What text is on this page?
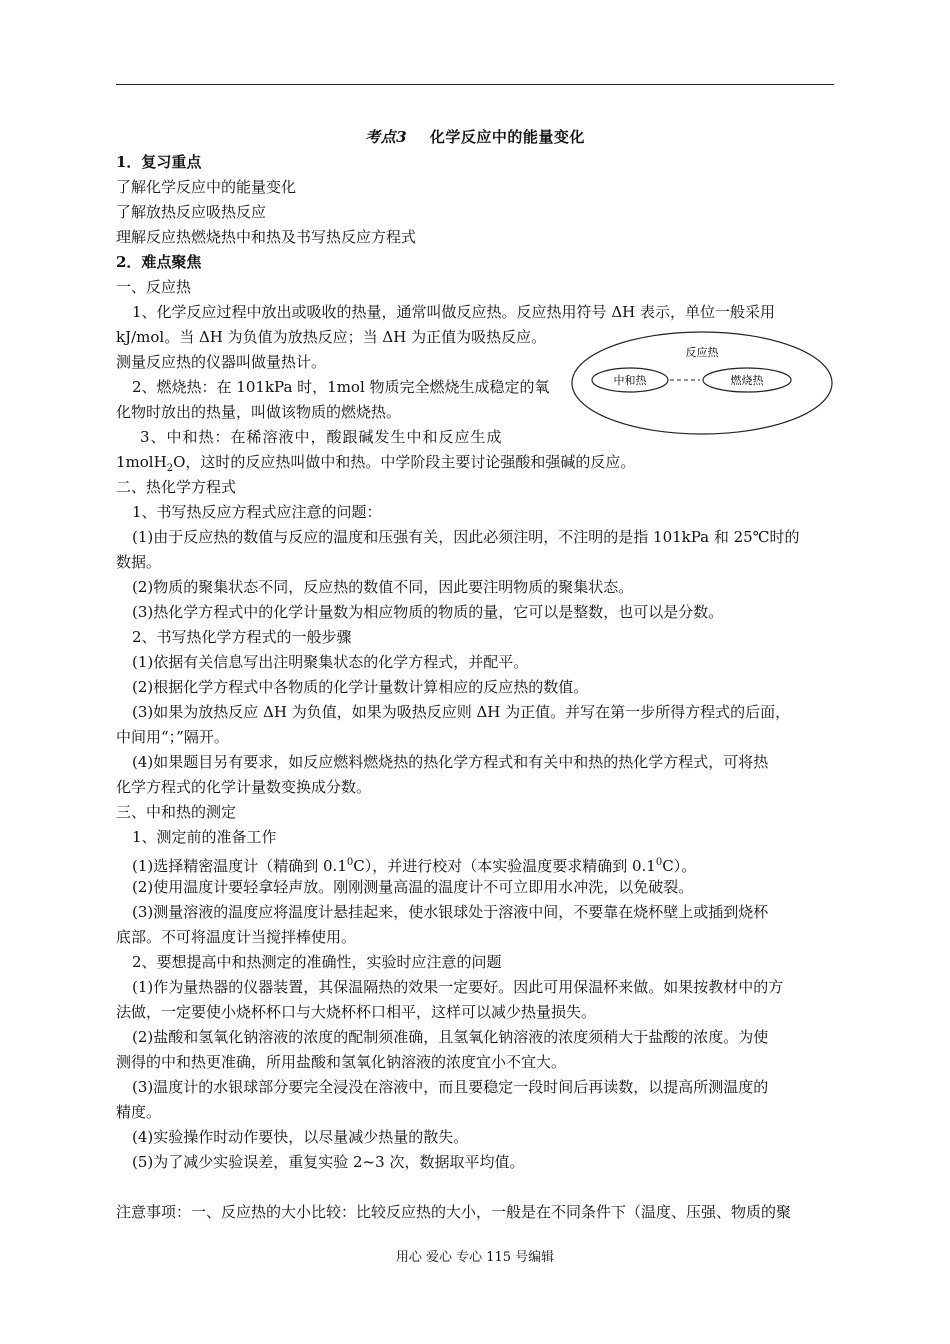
考点3 化学反应中的能量变化
1．复习重点
了解化学反应中的能量变化
了解放热反应吸热反应
理解反应热燃烧热中和热及书写热反应方程式
2．难点聚焦
一、反应热
1、化学反应过程中放出或吸收的热量，通常叫做反应热。反应热用符号 ΔH 表示，单位一般采用
kJ/mol。当 ΔH 为负值为放热反应；当 ΔH 为正值为吸热反应。
测量反应热的仪器叫做量热计。
2、燃烧热：在 101kPa 时，1mol 物质完全燃烧生成稳定的氧
化物时放出的热量，叫做该物质的燃烧热。
3、中和热：在稀溶液中，酸跟碱发生中和反应生成
1molH$_2$O，这时的反应热叫做中和热。中学阶段主要讨论强酸和强碱的反应。
二、热化学方程式
1、书写热反应方程式应注意的问题：
(1)由于反应热的数值与反应的温度和压强有关，因此必须注明，不注明的是指 101kPa 和 25℃时的
数据。
(2)物质的聚集状态不同，反应热的数值不同，因此要注明物质的聚集状态。
(3)热化学方程式中的化学计量数为相应物质的物质的量，它可以是整数，也可以是分数。
2、书写热化学方程式的一般步骤
(1)依据有关信息写出注明聚集状态的化学方程式，并配平。
(2)根据化学方程式中各物质的化学计量数计算相应的反应热的数值。
(3)如果为放热反应 ΔH 为负值，如果为吸热反应则 ΔH 为正值。并写在第一步所得方程式的后面，
中间用“；”隔开。
(4)如果题目另有要求，如反应燃料燃烧热的热化学方程式和有关中和热的热化学方程式，可将热
化学方程式的化学计量数变换成分数。
三、中和热的测定
1、测定前的准备工作
(1)选择精密温度计（精确到 $0.1^0C$），并进行校对（本实验温度要求精确到 $0.1^0C$）。
(2)使用温度计要轻拿轻声放。刚刚测量高温的温度计不可立即用水冲洗，以免破裂。
(3)测量溶液的温度应将温度计悬挂起来，使水银球处于溶液中间，不要靠在烧杯壁上或插到烧杯
底部。不可将温度计当搅拌棒使用。
2、要想提高中和热测定的准确性，实验时应注意的问题
(1)作为量热器的仪器装置，其保温隔热的效果一定要好。因此可用保温杯来做。如果按教材中的方
法做，一定要使小烧杯杯口与大烧杯杯口相平，这样可以减少热量损失。
(2)盐酸和氢氧化钠溶液的浓度的配制须准确，且氢氧化钠溶液的浓度须稍大于盐酸的浓度。为使
测得的中和热更准确，所用盐酸和氢氧化钠溶液的浓度宜小不宜大。
(3)温度计的水银球部分要完全浸没在溶液中，而且要稳定一段时间后再读数，以提高所测温度的
精度。
(4)实验操作时动作要快，以尽量减少热量的散失。
(5)为了减少实验误差，重复实验 2~3 次，数据取平均值。
注意事项：一、反应热的大小比较：比较反应热的大小，一般是在不同条件下（温度、压强、物质的聚
反应热
中和热	燃烧热
用心 爱心 专心 115 号编辑
